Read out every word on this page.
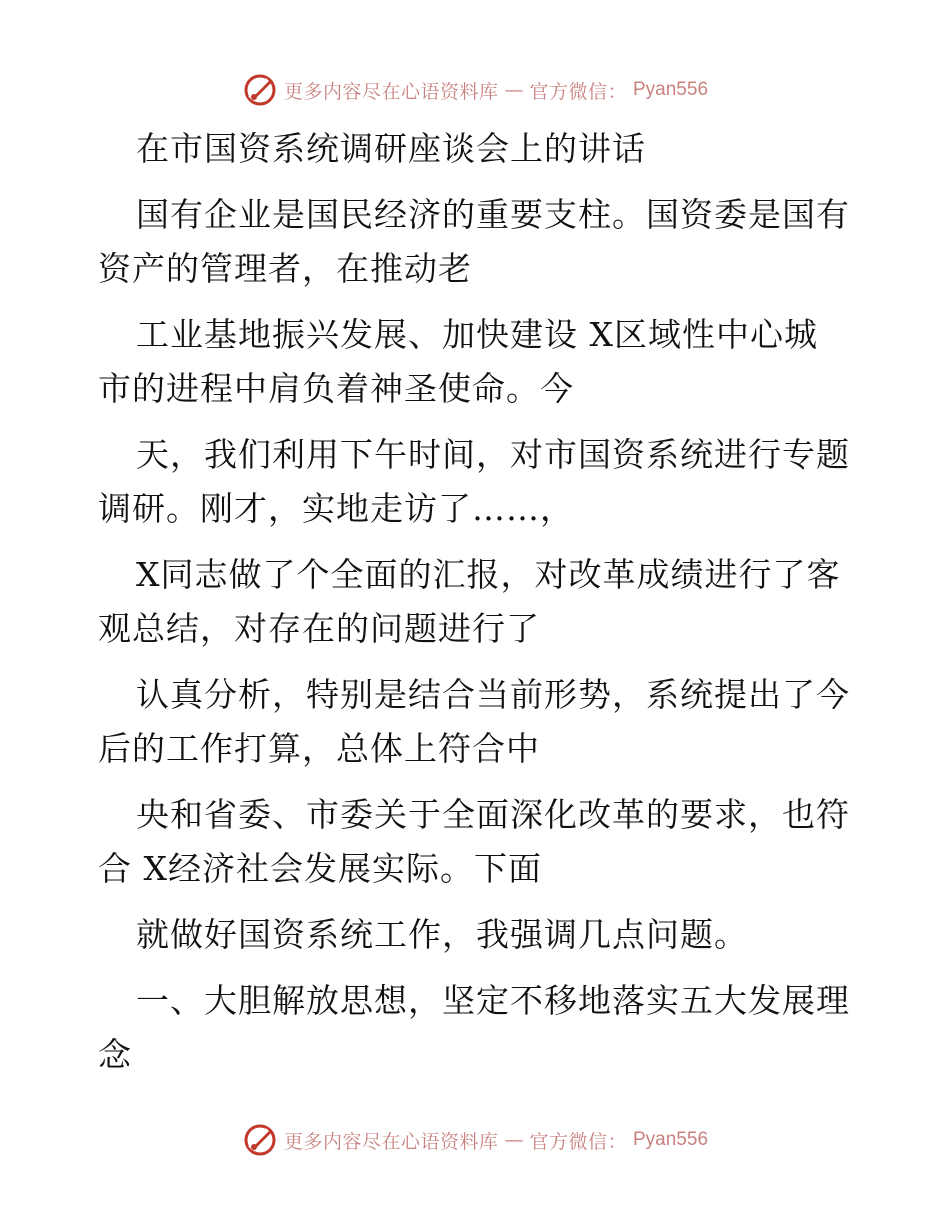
更多内容尽在心语资料库 — 官方微信： Pyan556
在市国资系统调研座谈会上的讲话
国有企业是国民经济的重要支柱。国资委是国有
资产的管理者，在推动老
工业基地振兴发展、加快建设 X区域性中心城
市的进程中肩负着神圣使命。今
天，我们利用下午时间，对市国资系统进行专题
调研。刚才，实地走访了……，
X同志做了个全面的汇报，对改革成绩进行了客
观总结，对存在的问题进行了
认真分析，特别是结合当前形势，系统提出了今
后的工作打算，总体上符合中
央和省委、市委关于全面深化改革的要求，也符
合 X经济社会发展实际。下面
就做好国资系统工作，我强调几点问题。
一、大胆解放思想，坚定不移地落实五大发展理
念
更多内容尽在心语资料库 — 官方微信： Pyan556
